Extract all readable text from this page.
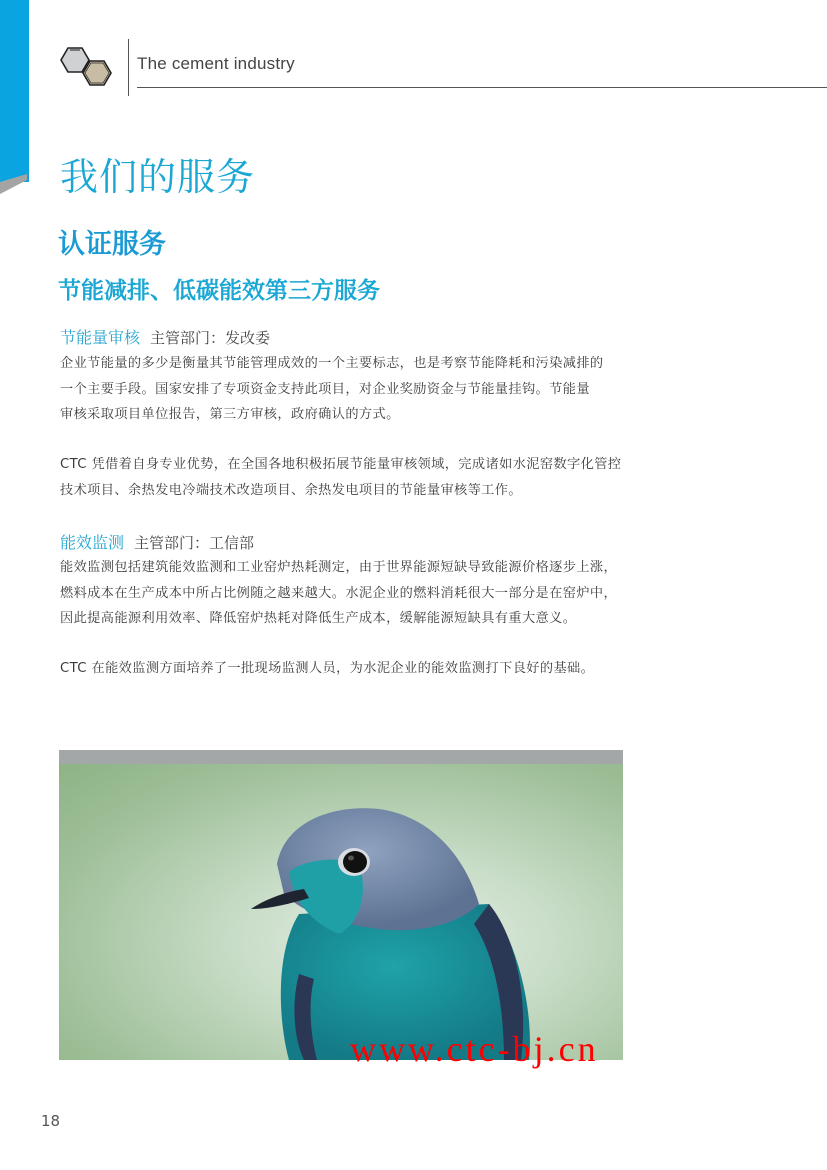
The cement industry
我们的服务
认证服务
节能减排、低碳能效第三方服务
节能量审核 主管部门：发改委
企业节能量的多少是衡量其节能管理成效的一个主要标志，也是考察节能降耗和污染减排的
一个主要手段。国家安排了专项资金支持此项目，对企业奖励资金与节能量挂钩。节能量
审核采取项目单位报告，第三方审核，政府确认的方式。
CTC 凭借着自身专业优势，在全国各地积极拓展节能量审核领域，完成诸如水泥窑数字化管控
技术项目、余热发电冷端技术改造项目、余热发电项目的节能量审核等工作。
能效监测 主管部门：工信部
能效监测包括建筑能效监测和工业窑炉热耗测定，由于世界能源短缺导致能源价格逐步上涨，
燃料成本在生产成本中所占比例随之越来越大。水泥企业的燃料消耗很大一部分是在窑炉中，
因此提高能源利用效率、降低窑炉热耗对降低生产成本，缓解能源短缺具有重大意义。
CTC 在能效监测方面培养了一批现场监测人员，为水泥企业的能效监测打下良好的基础。
www.ctc-bj.cn
18
